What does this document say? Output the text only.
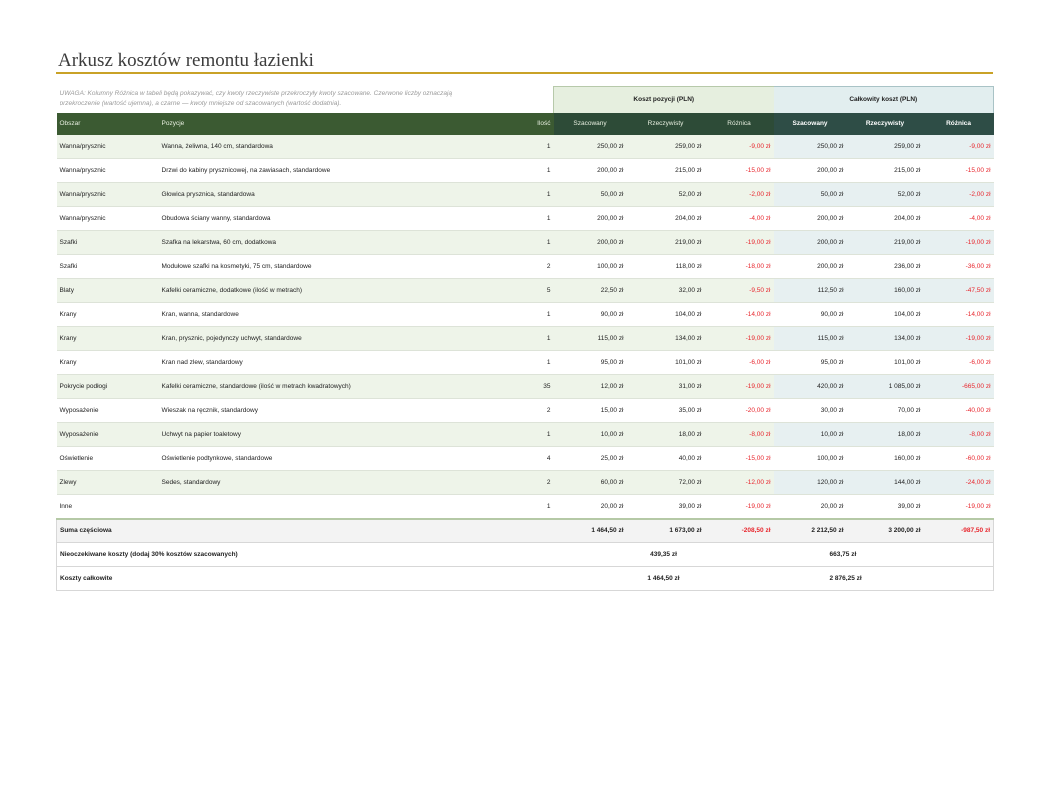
Arkusz kosztów remontu łazienki
UWAGA: Kolumny Różnica w tabeli będą pokazywać, czy kwoty rzeczywiste przekroczyły kwoty szacowane. Czerwone liczby oznaczają
przekroczenie (wartość ujemna), a czarne — kwoty mniejsze od szacowanych (wartość dodatnia).			Koszt pozycji (PLN)			Całkowity koszt (PLN)		
Obszar	Pozycje	Ilość	Szacowany	Rzeczywisty	Różnica	Szacowany	Rzeczywisty	Różnica
Wanna/prysznic	Wanna, żeliwna, 140 cm, standardowa	1	250,00 zł	259,00 zł	-9,00 zł	250,00 zł	259,00 zł	-9,00 zł
Wanna/prysznic	Drzwi do kabiny prysznicowej, na zawiasach, standardowe	1	200,00 zł	215,00 zł	-15,00 zł	200,00 zł	215,00 zł	-15,00 zł
Wanna/prysznic	Głowica prysznica, standardowa	1	50,00 zł	52,00 zł	-2,00 zł	50,00 zł	52,00 zł	-2,00 zł
Wanna/prysznic	Obudowa ściany wanny, standardowa	1	200,00 zł	204,00 zł	-4,00 zł	200,00 zł	204,00 zł	-4,00 zł
Szafki	Szafka na lekarstwa, 60 cm, dodatkowa	1	200,00 zł	219,00 zł	-19,00 zł	200,00 zł	219,00 zł	-19,00 zł
Szafki	Modułowe szafki na kosmetyki, 75 cm, standardowe	2	100,00 zł	118,00 zł	-18,00 zł	200,00 zł	236,00 zł	-36,00 zł
Blaty	Kafelki ceramiczne, dodatkowe (ilość w metrach)	5	22,50 zł	32,00 zł	-9,50 zł	112,50 zł	160,00 zł	-47,50 zł
Krany	Kran, wanna, standardowe	1	90,00 zł	104,00 zł	-14,00 zł	90,00 zł	104,00 zł	-14,00 zł
Krany	Kran, prysznic, pojedynczy uchwyt, standardowe	1	115,00 zł	134,00 zł	-19,00 zł	115,00 zł	134,00 zł	-19,00 zł
Krany	Kran nad zlew, standardowy	1	95,00 zł	101,00 zł	-6,00 zł	95,00 zł	101,00 zł	-6,00 zł
Pokrycie podłogi	Kafelki ceramiczne, standardowe (ilość w metrach kwadratowych)	35	12,00 zł	31,00 zł	-19,00 zł	420,00 zł	1 085,00 zł	-665,00 zł
Wyposażenie	Wieszak na ręcznik, standardowy	2	15,00 zł	35,00 zł	-20,00 zł	30,00 zł	70,00 zł	-40,00 zł
Wyposażenie	Uchwyt na papier toaletowy	1	10,00 zł	18,00 zł	-8,00 zł	10,00 zł	18,00 zł	-8,00 zł
Oświetlenie	Oświetlenie podtynkowe, standardowe	4	25,00 zł	40,00 zł	-15,00 zł	100,00 zł	160,00 zł	-60,00 zł
Zlewy	Sedes, standardowy	2	60,00 zł	72,00 zł	-12,00 zł	120,00 zł	144,00 zł	-24,00 zł
Inne		1	20,00 zł	39,00 zł	-19,00 zł	20,00 zł	39,00 zł	-19,00 zł
Suma częściowa			1 464,50 zł	1 673,00 zł	-208,50 zł	2 212,50 zł	3 200,00 zł	-987,50 zł
Nieoczekiwane koszty (dodaj 30% kosztów szacowanych)			439,35 zł			663,75 zł		
Koszty całkowite			1 464,50 zł			2 876,25 zł		
